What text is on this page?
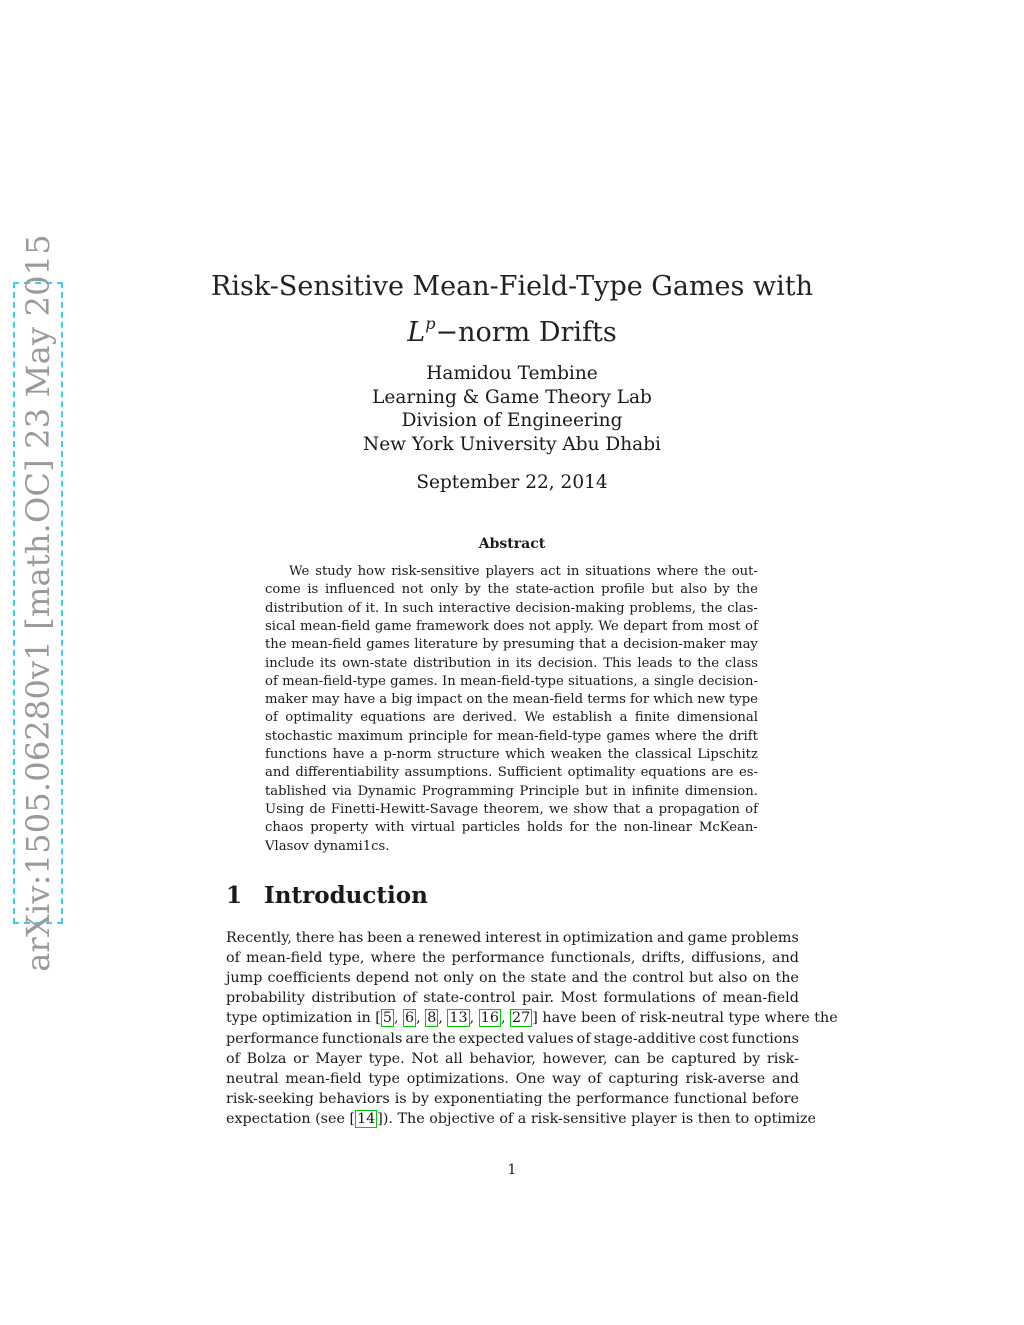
arXiv:1505.06280v1 [math.OC] 23 May 2015	Risk-Sensitive Mean-Field-Type Games with
$L^p-norm$ Drifts
Hamidou Tembine
Learning & Game Theory Lab
Division of Engineering
New York University Abu Dhabi
September 22, 2014
Abstract
We study how risk-sensitive players act in situations where the out-
come is influenced not only by the state-action profile but also by the
distribution of it. In such interactive decision-making problems, the clas-
sical mean-field game framework does not apply. We depart from most of
the mean-field games literature by presuming that a decision-maker may
include its own-state distribution in its decision. This leads to the class
of mean-field-type games. In mean-field-type situations, a single decision-
maker may have a big impact on the mean-field terms for which new type
of optimality equations are derived. We establish a finite dimensional
stochastic maximum principle for mean-field-type games where the drift
functions have a p-norm structure which weaken the classical Lipschitz
and differentiability assumptions. Sufficient optimality equations are es-
tablished via Dynamic Programming Principle but in infinite dimension.
Using de Finetti-Hewitt-Savage theorem, we show that a propagation of
chaos property with virtual particles holds for the non-linear McKean-
Vlasov dynami1cs.
1 Introduction
Recently, there has been a renewed interest in optimization and game problems
of mean-field type, where the performance functionals, drifts, diffusions, and
jump coefficients depend not only on the state and the control but also on the
probability distribution of state-control pair. Most formulations of mean-field
type optimization in [ 5 , 6 , 8 , 13 , 16 , 27 ] have been of risk-neutral type where the
performance functionals are the expected values of stage-additive cost functions
of Bolza or Mayer type. Not all behavior, however, can be captured by risk-
neutral mean-field type optimizations. One way of capturing risk-averse and
risk-seeking behaviors is by exponentiating the performance functional before
expectation (see [ 14 ]). The objective of a risk-sensitive player is then to optimize
1
